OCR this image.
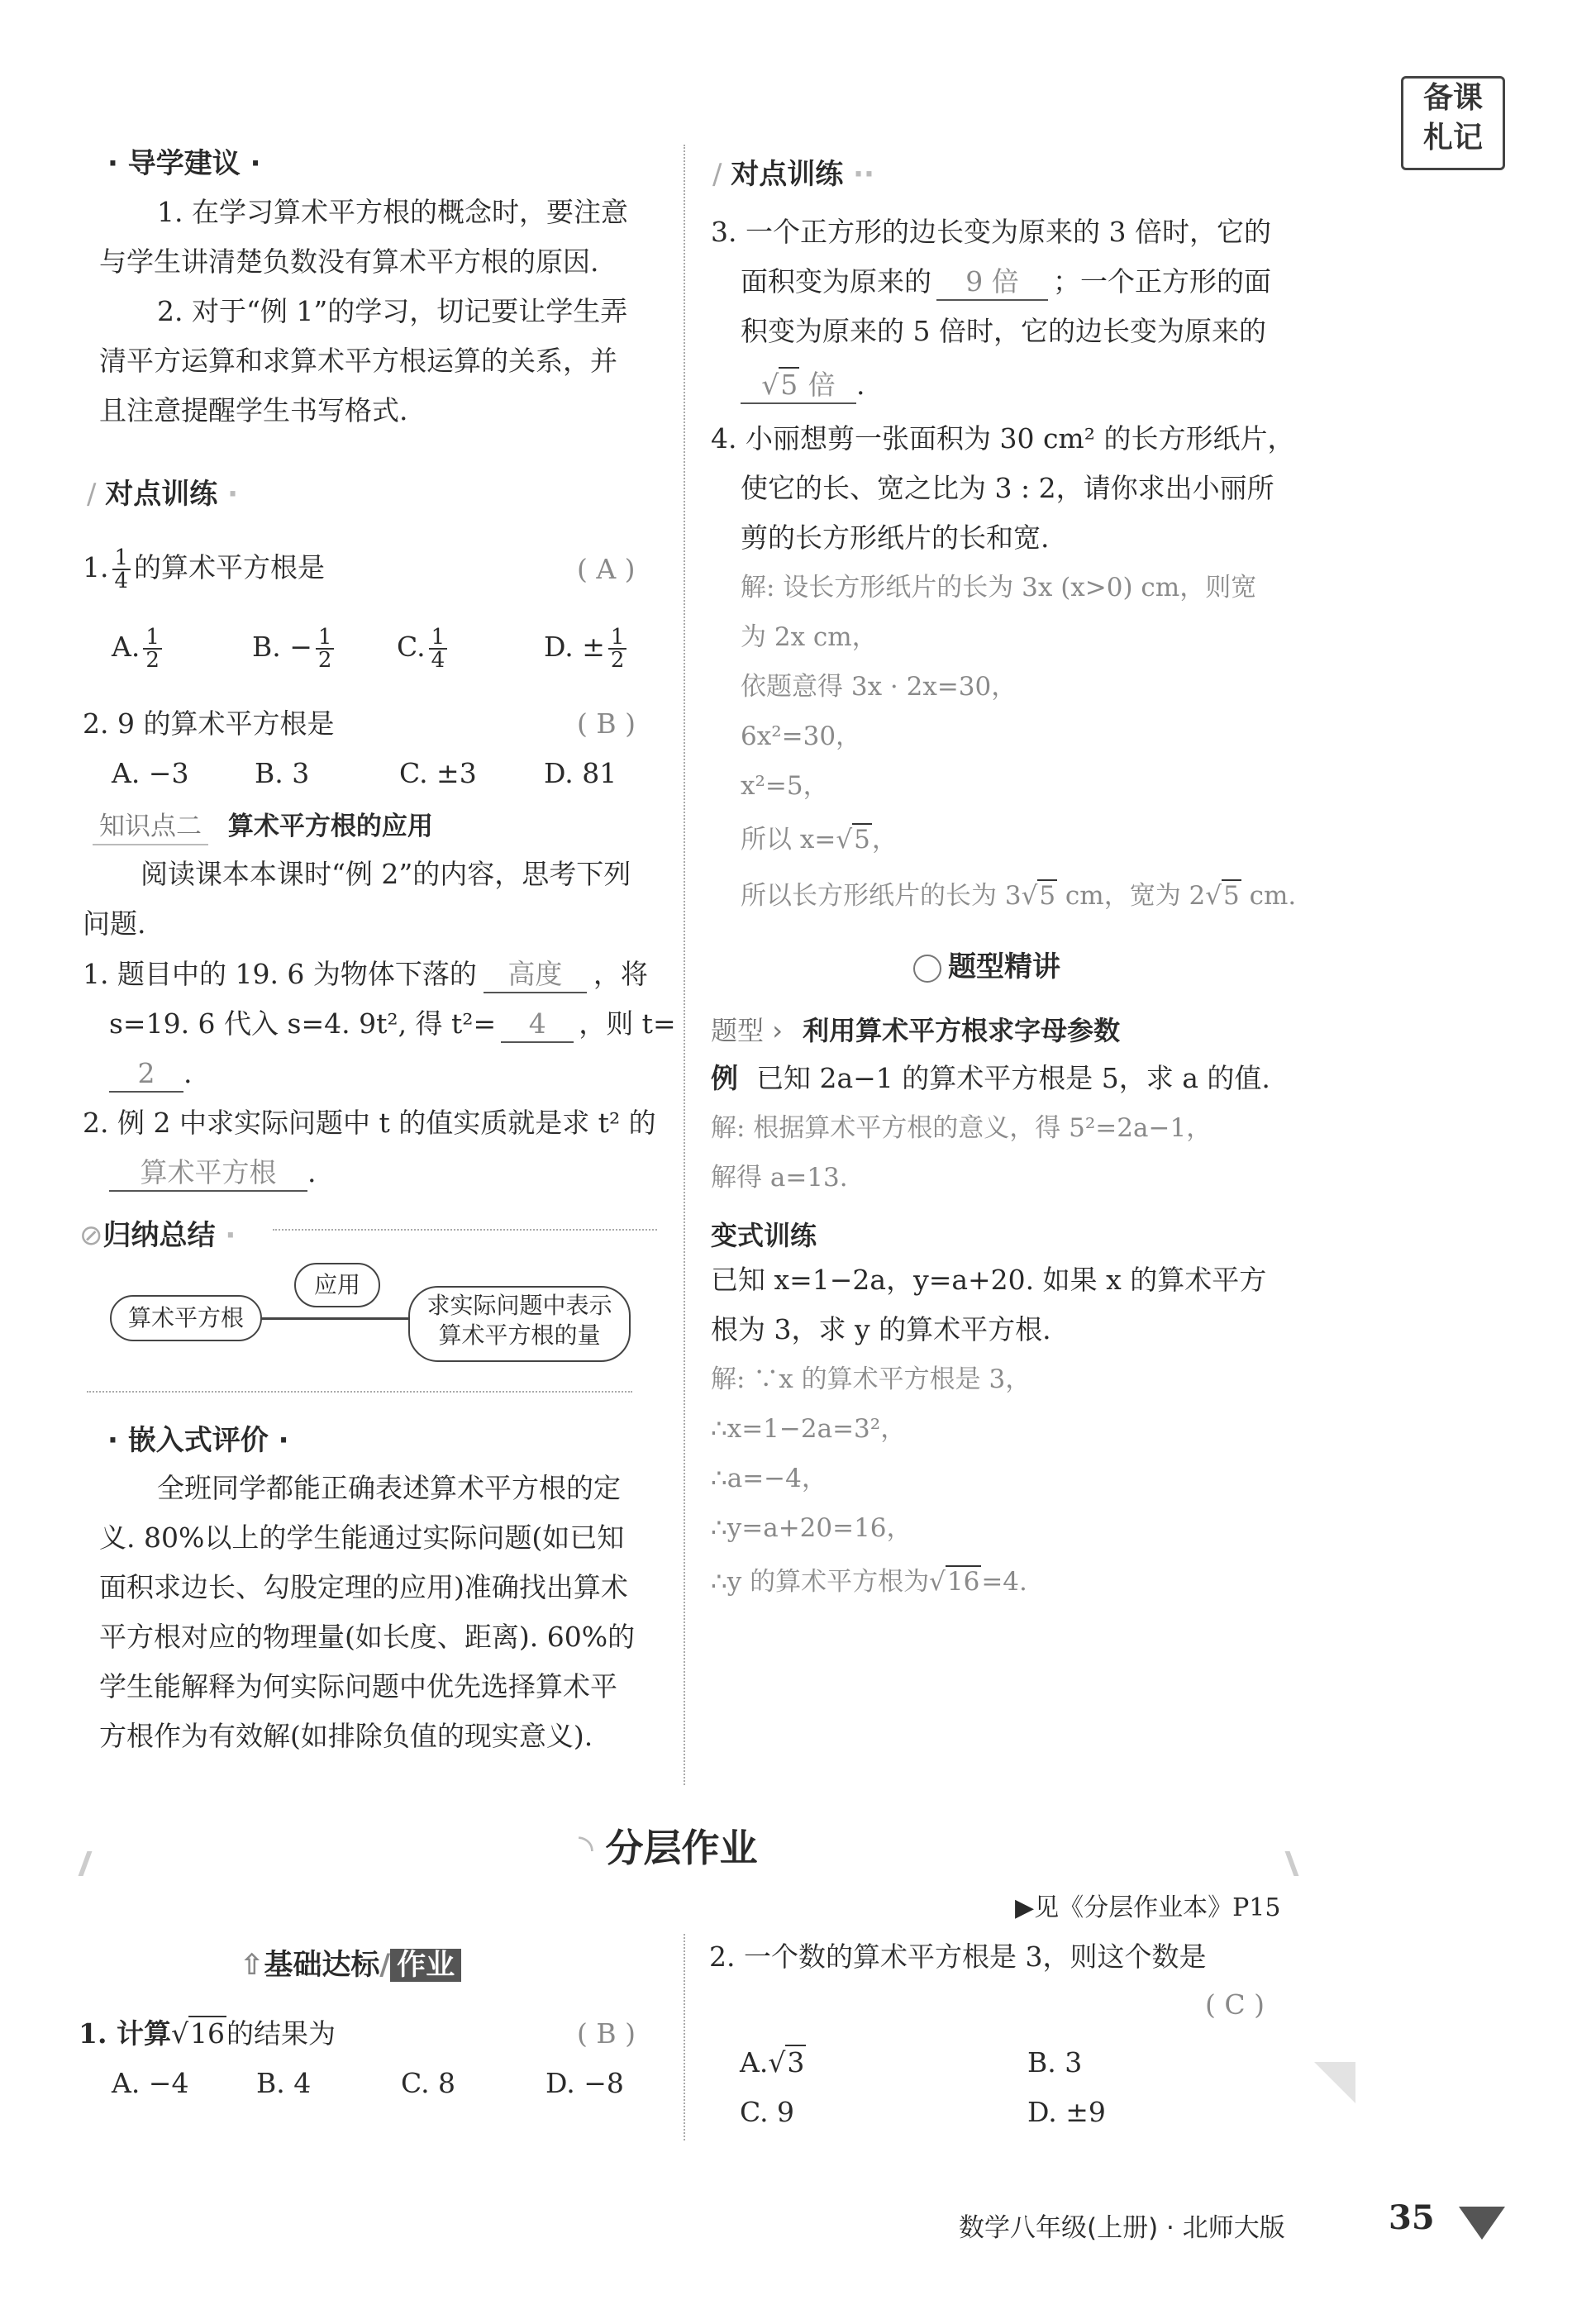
备课
札记
· 导学建议 ·
1. 在学习算术平方根的概念时，要注意
与学生讲清楚负数没有算术平方根的原因.
2. 对于“例 1”的学习，切记要让学生弄
清平方运算和求算术平方根运算的关系，并
且注意提醒学生书写格式.
∕ 对点训练 ·
1. $\frac{1}{4}$ 的算术平方根是	( A )
A. $\frac{1}{2}$	B. − $\frac{1}{2} C$. $\frac{1}{4}$	D. ± $\frac{1}{2}$
2. 9 的算术平方根是	( B )
A. −3 B. 3	C. ±3 D. 81
知识点二 算术平方根的应用
阅读课本本课时“例 2”的内容，思考下列
问题.
1. 题目中的 19. 6 为物体下落的 高度 ，将
s=19. 6 代入 s=4. 9t², 得 t²= 4 ，则 t=
2 .
2. 例 2 中求实际问题中 t 的值实质就是求 t² 的
算术平方根 .
⊘归纳总结 ·
算术平方根
应用
求实际问题中表示
算术平方根的量
· 嵌入式评价 ·
全班同学都能正确表述算术平方根的定
义. 80%以上的学生能通过实际问题(如已知
面积求边长、勾股定理的应用)准确找出算术
平方根对应的物理量(如长度、距离). 60%的
学生能解释为何实际问题中优先选择算术平
方根作为有效解(如排除负值的现实意义).
∕ 对点训练 ··
3. 一个正方形的边长变为原来的 3 倍时，它的
面积变为原来的 9 倍 ；一个正方形的面
积变为原来的 5 倍时，它的边长变为原来的
√5 倍 .
4. 小丽想剪一张面积为 30 cm² 的长方形纸片，
使它的长、宽之比为 3 : 2，请你求出小丽所
剪的长方形纸片的长和宽.
解: 设长方形纸片的长为 3x (x>0) cm，则宽
为 2x cm，
依题意得 3x · 2x=30，
6x²=30，
x²=5，
所以 x=√5，
所以长方形纸片的长为 3√5 cm，宽为 2√5 cm.
题型精讲
题型 › 利用算术平方根求字母参数
例 已知 2a−1 的算术平方根是 5，求 a 的值.
解: 根据算术平方根的意义，得 5²=2a−1，
解得 a=13.
变式训练
已知 x=1−2a，y=a+20. 如果 x 的算术平方
根为 3，求 y 的算术平方根.
解: ∵x 的算术平方根是 3，
∴x=1−2a=3²，
∴a=−4，
∴y=a+20=16，
∴y 的算术平方根为√16=4.
◝ 分层作业
▶见《分层作业本》P15
⇧基础达标/ 作业
1. 计算√16的结果为	( B )
A. −4 B. 4	C. 8	D. −8
2. 一个数的算术平方根是 3，则这个数是
( C )
A.√3	B. 3
C. 9	D. ±9
数学八年级(上册) · 北师大版	35
